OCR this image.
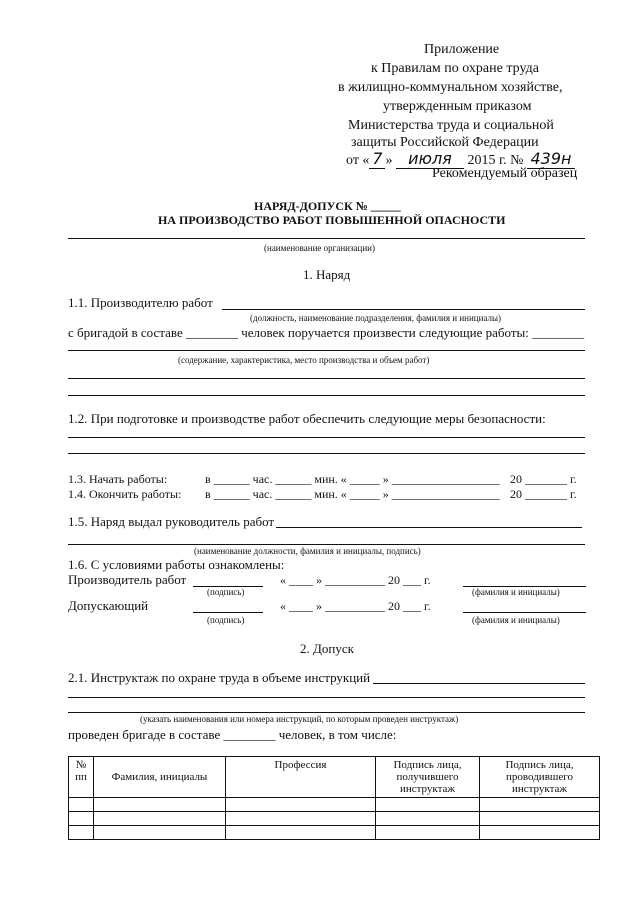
Приложение
к Правилам по охране труда
в жилищно-коммунальном хозяйстве,
утвержденным приказом
Министерства труда и социальной
защиты Российской Федерации
от « 7 » июля 2015 г. № 439н
Рекомендуемый образец
НАРЯД-ДОПУСК № _____
НА ПРОИЗВОДСТВО РАБОТ ПОВЫШЕННОЙ ОПАСНОСТИ
(наименование организации)
1. Наряд
1.1. Производителю работ
(должность, наименование подразделения, фамилия и инициалы)
с бригадой в составе ________ человек поручается произвести следующие работы: ________
(содержание, характеристика, место производства и объем работ)
1.2. При подготовке и производстве работ обеспечить следующие меры безопасности:
1.3. Начать работы:	в ______ час. ______ мин. « _____ » __________________ 20 _______ г.
1.4. Окончить работы: в ______ час. ______ мин. « _____ » __________________ 20 _______ г.
1.5. Наряд выдал руководитель работ
(наименование должности, фамилия и инициалы, подпись)
1.6. С условиями работы ознакомлены:
Производитель работ	« ____ » __________ 20 ___ г.
(подпись)	(фамилия и инициалы)
Допускающий	« ____ » __________ 20 ___ г.
(подпись)	(фамилия и инициалы)
2. Допуск
2.1. Инструктаж по охране труда в объеме инструкций
(указать наименования или номера инструкций, по которым проведен инструктаж)
проведен бригаде в составе ________ человек, в том числе:
№ пп	Фамилия, инициалы	Профессия	Подпись лица, получившего инструктаж	Подпись лица, проводившего инструктаж
